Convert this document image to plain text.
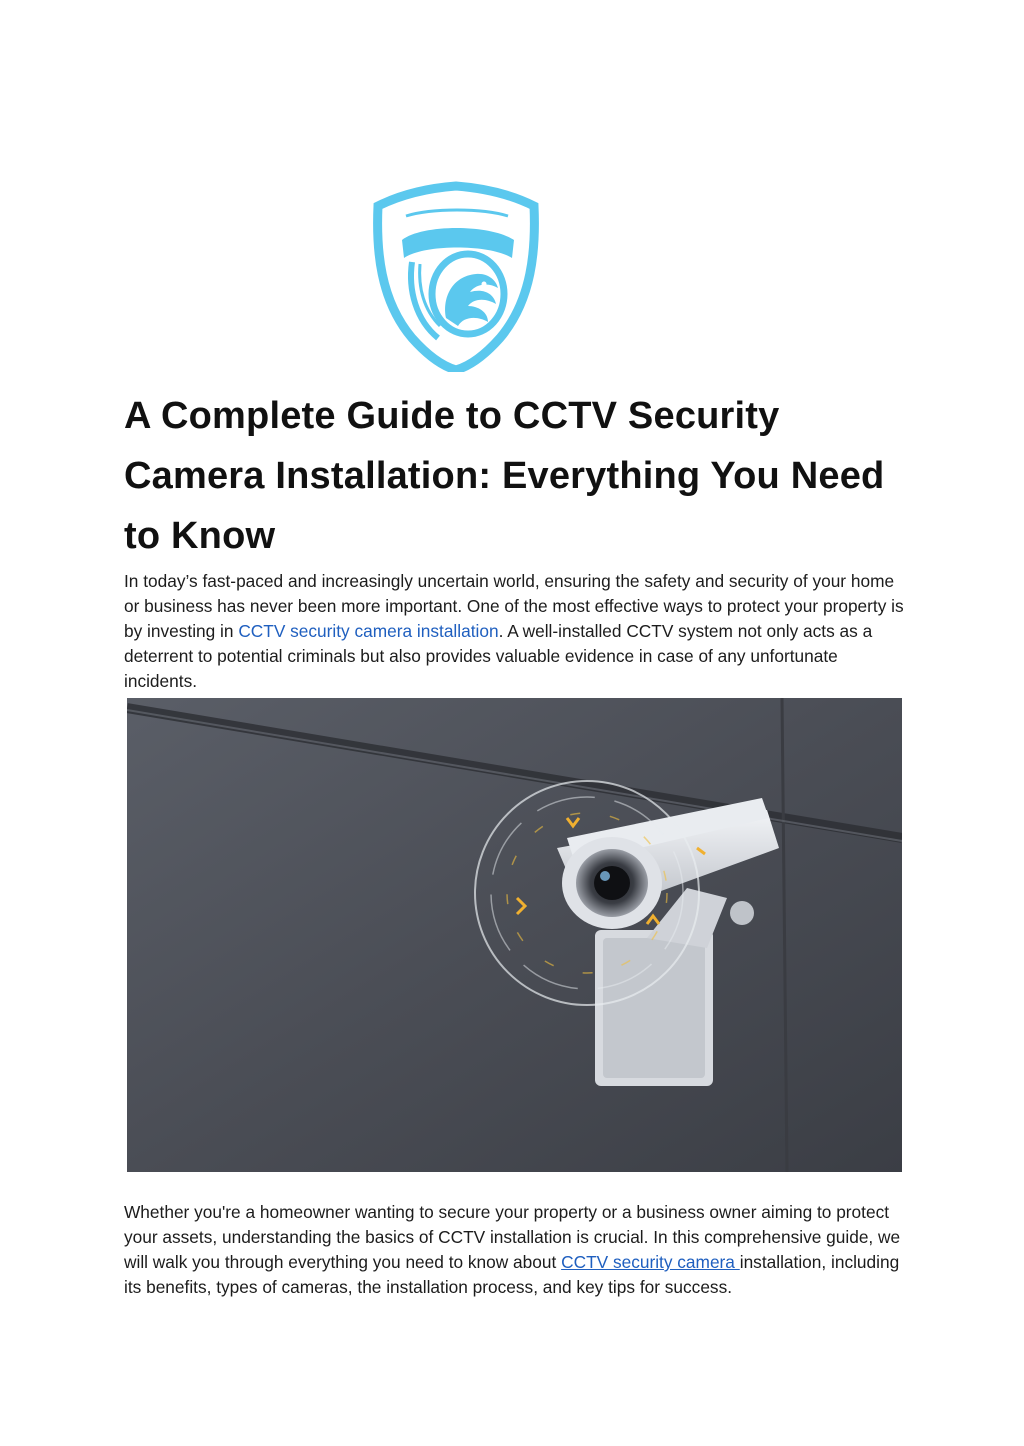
A Complete Guide to CCTV Security Camera Installation: Everything You Need to Know

In today’s fast-paced and increasingly uncertain world, ensuring the safety and security of your home or business has never been more important. One of the most effective ways to protect your property is by investing in CCTV security camera installation. A well-installed CCTV system not only acts as a deterrent to potential criminals but also provides valuable evidence in case of any unfortunate incidents.

Whether you're a homeowner wanting to secure your property or a business owner aiming to protect your assets, understanding the basics of CCTV installation is crucial. In this comprehensive guide, we will walk you through everything you need to know about CCTV security camera installation, including its benefits, types of cameras, the installation process, and key tips for success.
